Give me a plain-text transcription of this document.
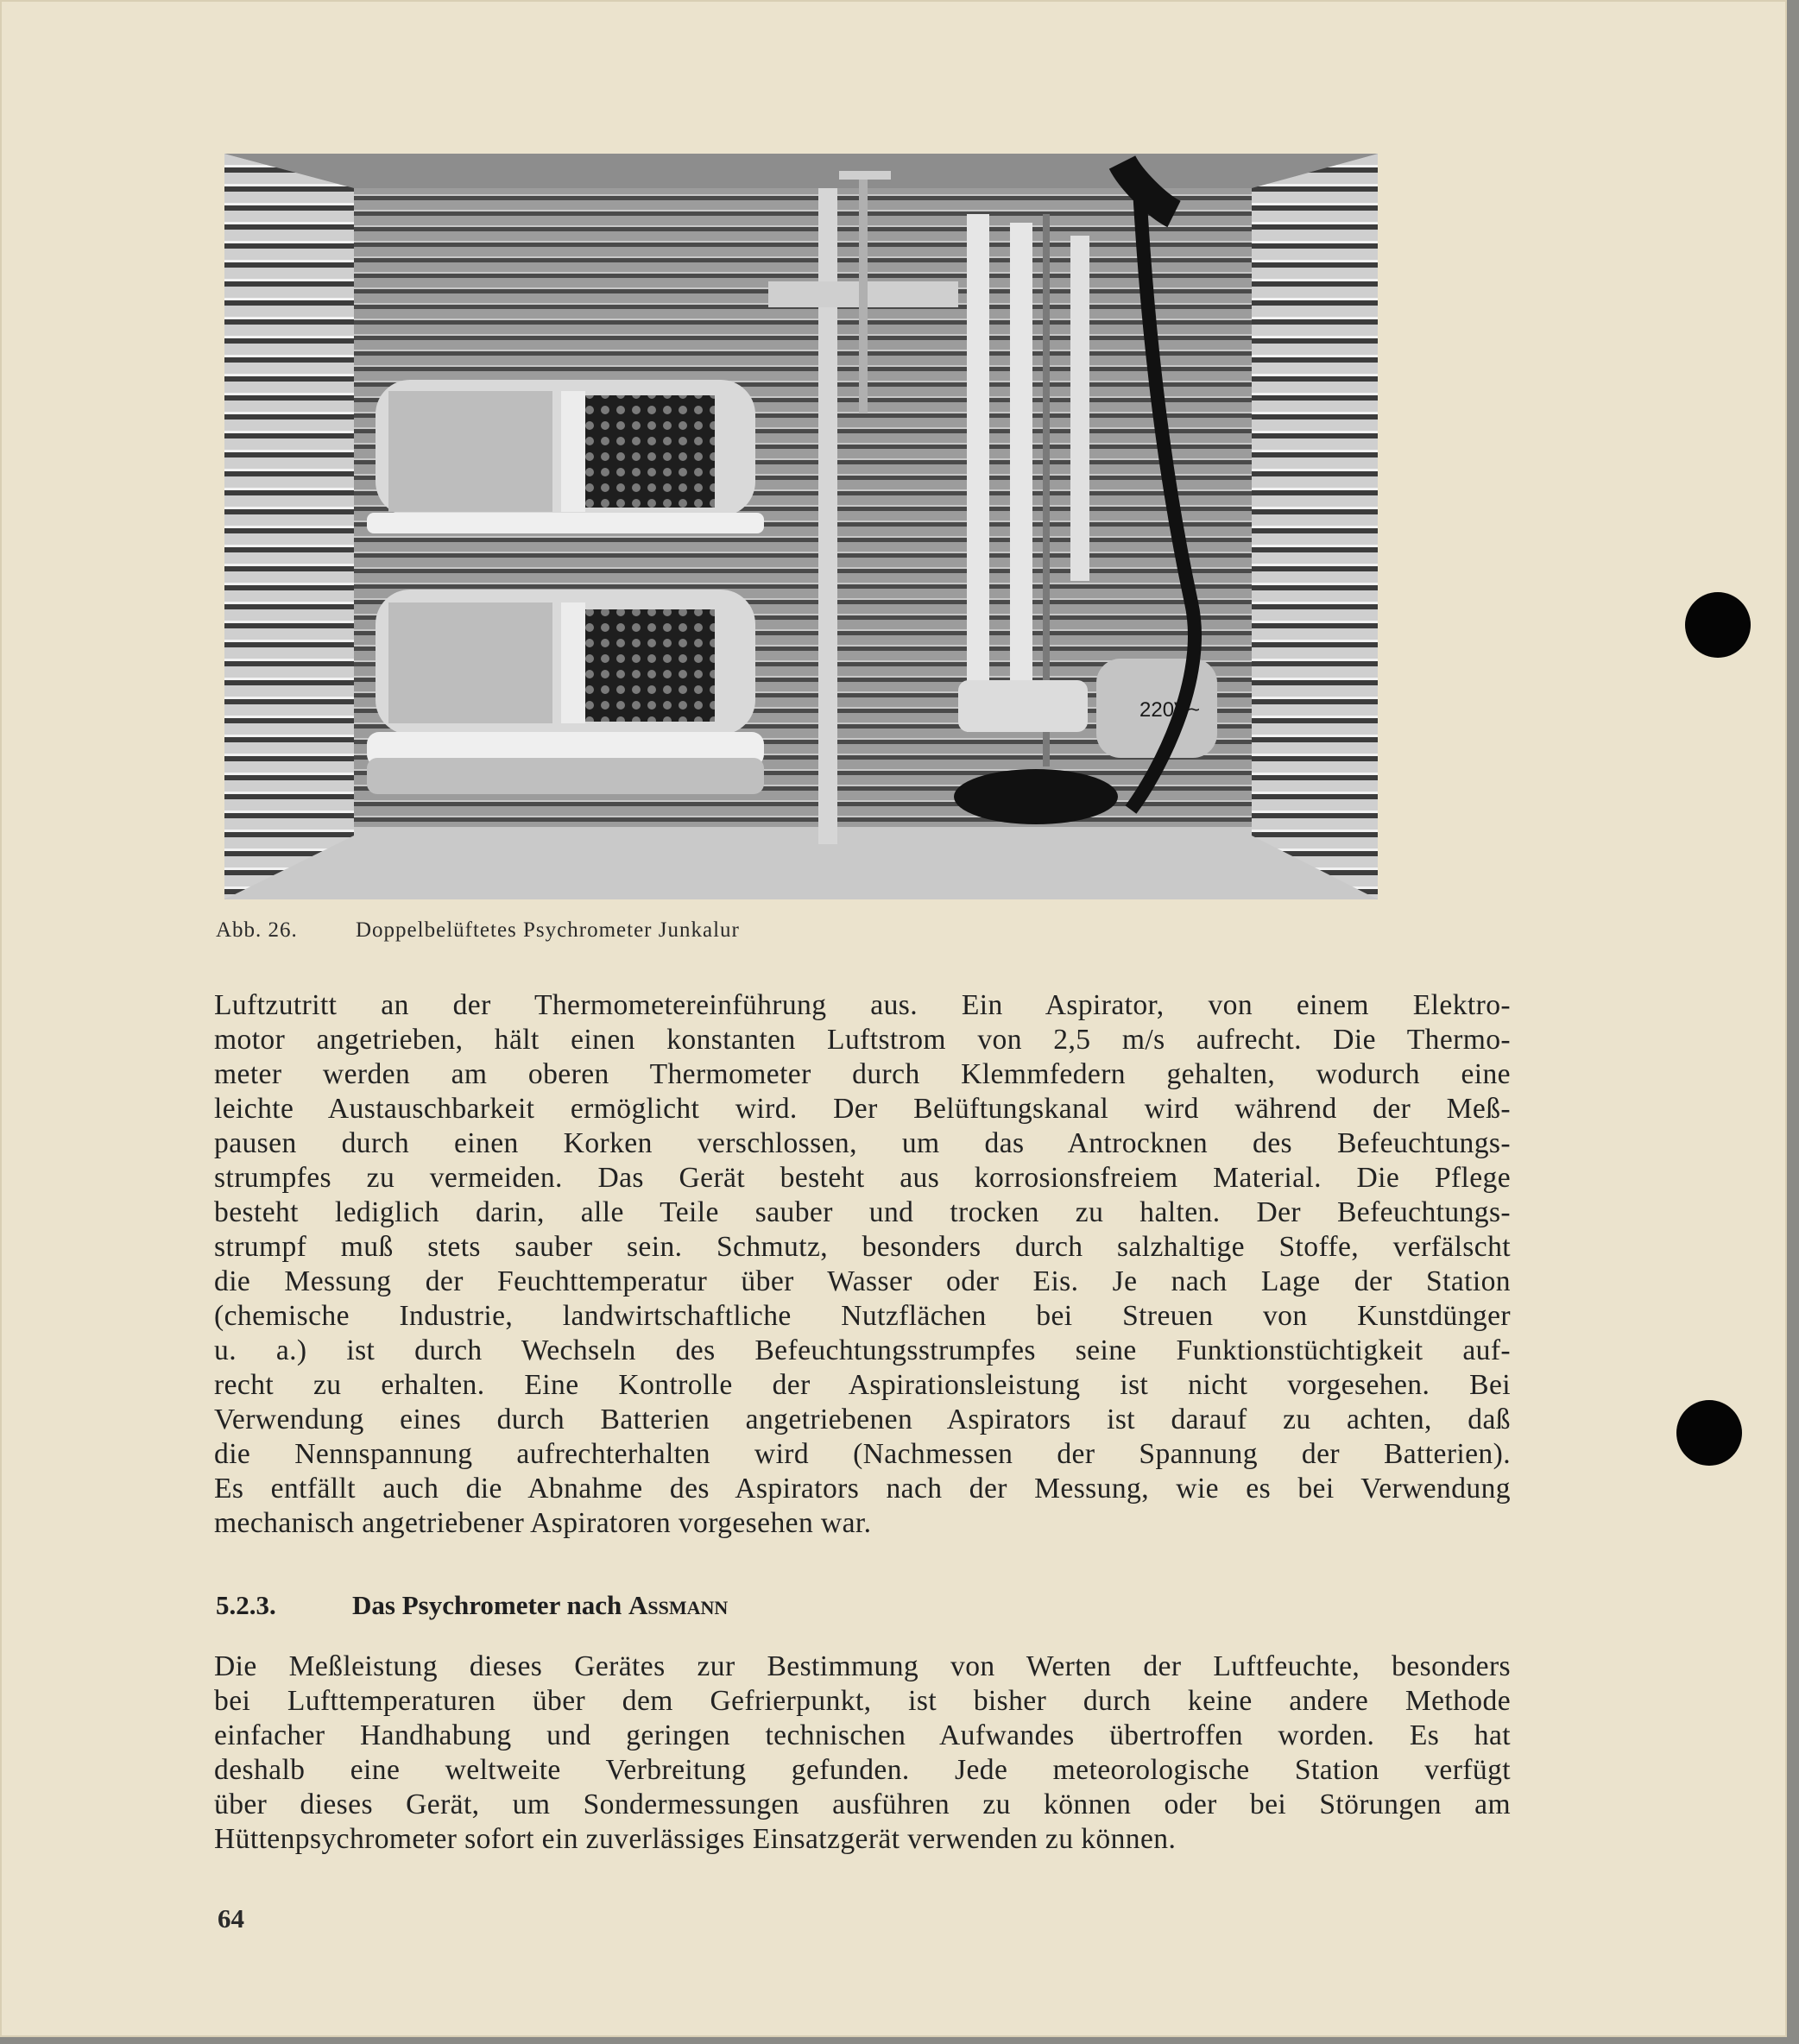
220V~
Abb. 26.	Doppelbelüftetes Psychrometer Junkalur
Luftzutritt an der Thermometereinführung aus. Ein Aspirator, von einem Elektro-
motor angetrieben, hält einen konstanten Luftstrom von 2,5 m/s aufrecht. Die Thermo-
meter werden am oberen Thermometer durch Klemmfedern gehalten, wodurch eine
leichte Austauschbarkeit ermöglicht wird. Der Belüftungskanal wird während der Meß-
pausen durch einen Korken verschlossen, um das Antrocknen des Befeuchtungs-
strumpfes zu vermeiden. Das Gerät besteht aus korrosionsfreiem Material. Die Pflege
besteht lediglich darin, alle Teile sauber und trocken zu halten. Der Befeuchtungs-
strumpf muß stets sauber sein. Schmutz, besonders durch salzhaltige Stoffe, verfälscht
die Messung der Feuchttemperatur über Wasser oder Eis. Je nach Lage der Station
(chemische Industrie, landwirtschaftliche Nutzflächen bei Streuen von Kunstdünger
u. a.) ist durch Wechseln des Befeuchtungsstrumpfes seine Funktionstüchtigkeit auf-
recht zu erhalten. Eine Kontrolle der Aspirationsleistung ist nicht vorgesehen. Bei
Verwendung eines durch Batterien angetriebenen Aspirators ist darauf zu achten, daß
die Nennspannung aufrechterhalten wird (Nachmessen der Spannung der Batterien).
Es entfällt auch die Abnahme des Aspirators nach der Messung, wie es bei Verwendung
mechanisch angetriebener Aspiratoren vorgesehen war.
5.2.3.	Das Psychrometer nach Assmann
Die Meßleistung dieses Gerätes zur Bestimmung von Werten der Luftfeuchte, besonders
bei Lufttemperaturen über dem Gefrierpunkt, ist bisher durch keine andere Methode
einfacher Handhabung und geringen technischen Aufwandes übertroffen worden. Es hat
deshalb eine weltweite Verbreitung gefunden. Jede meteorologische Station verfügt
über dieses Gerät, um Sondermessungen ausführen zu können oder bei Störungen am
Hüttenpsychrometer sofort ein zuverlässiges Einsatzgerät verwenden zu können.
64
